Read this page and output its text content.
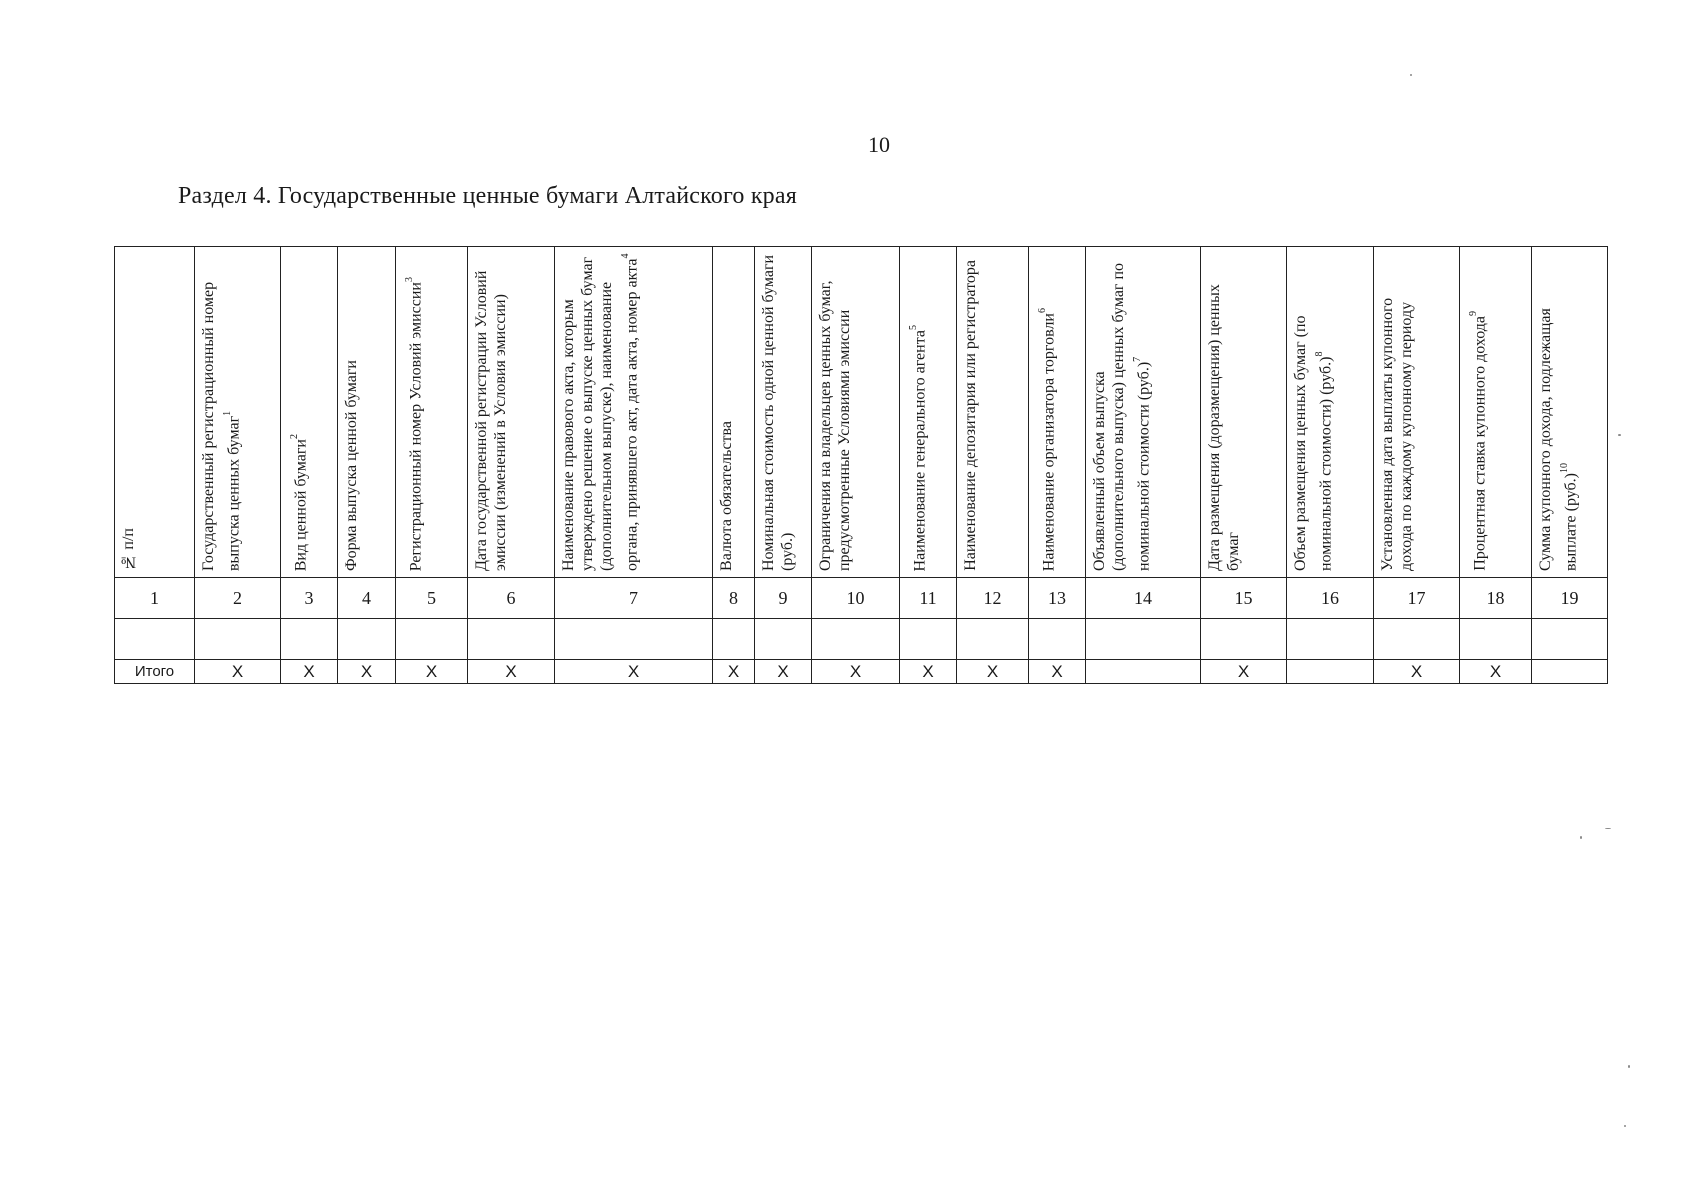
10
Раздел 4. Государственные ценные бумаги Алтайского края
№ п/п	Государственный регистрационный номер выпуска ценных бумаг$^1$	Вид ценной бумаги$^2$	Форма выпуска ценной бумаги	Регистрационный номер Условий эмиссии$^3$	Дата государственной регистрации Условий эмиссии (изменений в Условия эмиссии)	Наименование правового акта, которым утверждено решение о выпуске ценных бумаг (дополнительном выпуске), наименование органа, принявшего акт, дата акта, номер акта$^4$	Валюта обязательства	Номинальная стоимость одной ценной бумаги (руб.)	Ограничения на владельцев ценных бумаг, предусмотренные Условиями эмиссии	Наименование генерального агента$^5$	Наименование депозитария или регистратора	Наименование организатора торговли$^6$	Объявленный объем выпуска (дополнительного выпуска) ценных бумаг по номинальной стоимости $(руб.)^7$	Дата размещения (доразмещения) ценных бумаг	Объем размещения ценных бумаг (по номинальной стоимости) $(руб.)^8$	Установленная дата выплаты купонного дохода по каждому купонному периоду	Процентная ставка купонного дохода$^9$	Сумма купонного дохода, подлежащая выплате $(руб.)^{10}$

1	2	3	4	5	6	7	8	9	10	11	12	13	14	15	16	17	18	19

Итого	X	X	X	X	X	X	X	X	X	X	X	X		X		X	X	
